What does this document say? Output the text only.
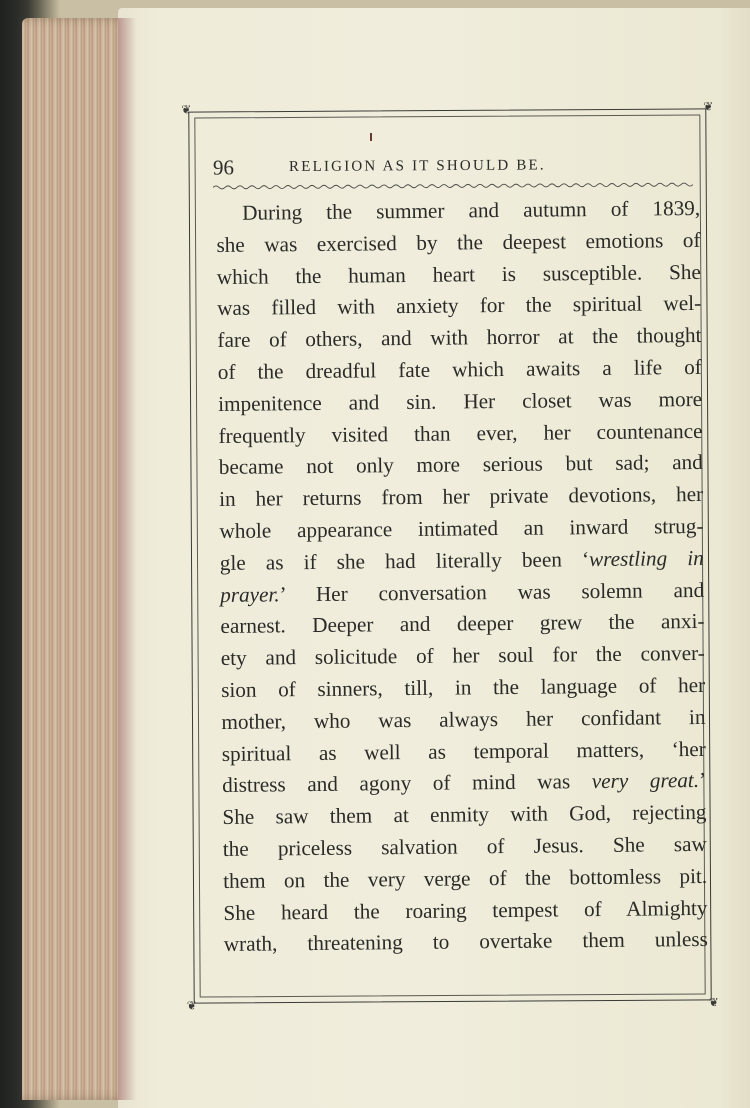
❦	❦
❦	❦
96	RELIGION AS IT SHOULD BE.
During the summer and autumn of 1839,
she was exercised by the deepest emotions of
which the human heart is susceptible. She
was filled with anxiety for the spiritual wel-
fare of others, and with horror at the thought
of the dreadful fate which awaits a life of
impenitence and sin. Her closet was more
frequently visited than ever, her countenance
became not only more serious but sad; and
in her returns from her private devotions, her
whole appearance intimated an inward strug-
gle as if she had literally been ‘wrestling in
prayer.’ Her conversation was solemn and
earnest. Deeper and deeper grew the anxi-
ety and solicitude of her soul for the conver-
sion of sinners, till, in the language of her
mother, who was always her confidant in
spiritual as well as temporal matters, ‘her
distress and agony of mind was very great.’
She saw them at enmity with God, rejecting
the priceless salvation of Jesus. She saw
them on the very verge of the bottomless pit.
She heard the roaring tempest of Almighty
wrath, threatening to overtake them unless
